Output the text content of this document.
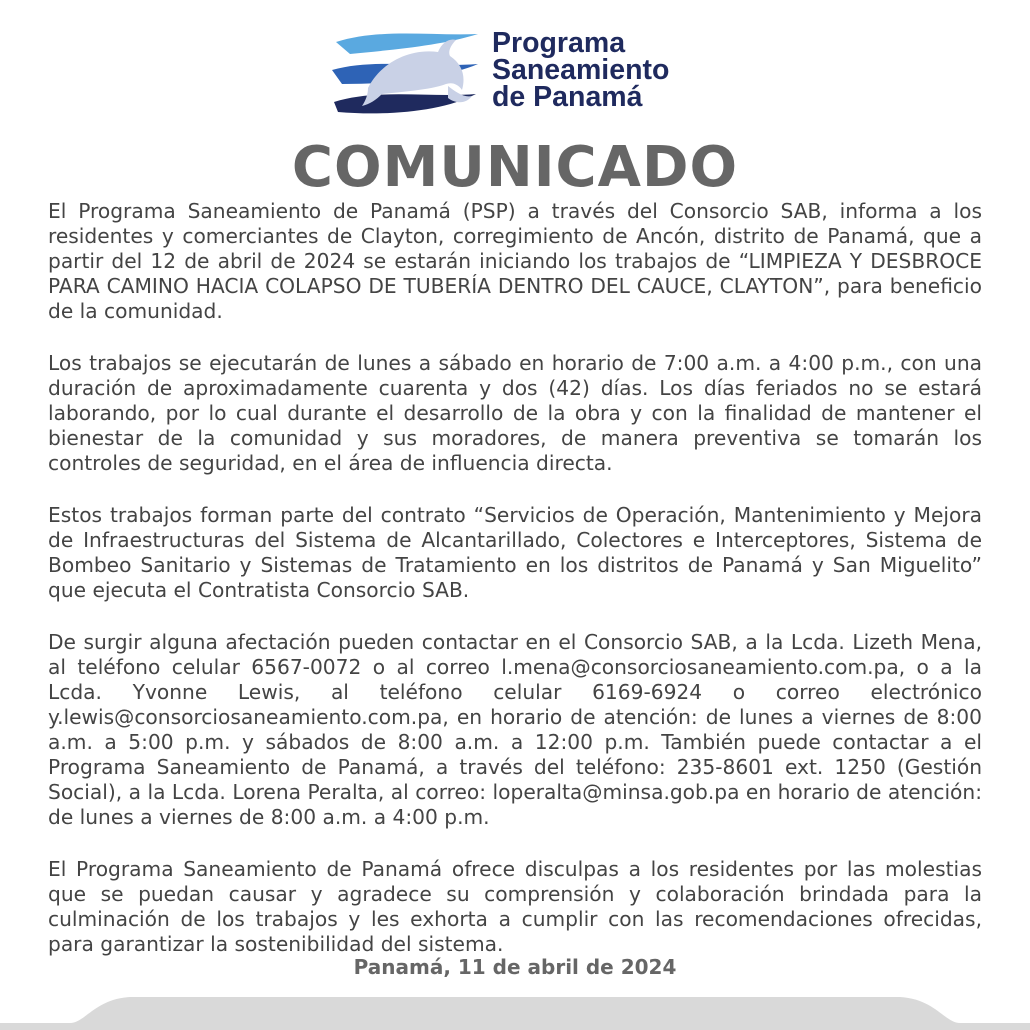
Programa
Saneamiento
de Panamá
COMUNICADO

El Programa Saneamiento de Panamá (PSP) a través del Consorcio SAB, informa a los residentes y comerciantes de Clayton, corregimiento de Ancón, distrito de Panamá, que a partir del 12 de abril de 2024 se estarán iniciando los trabajos de “LIMPIEZA Y DESBROCE PARA CAMINO HACIA COLAPSO DE TUBERÍA DENTRO DEL CAUCE, CLAYTON”, para beneficio de la comunidad.

Los trabajos se ejecutarán de lunes a sábado en horario de 7:00 a.m. a 4:00 p.m., con una duración de aproximadamente cuarenta y dos (42) días. Los días feriados no se estará laborando, por lo cual durante el desarrollo de la obra y con la finalidad de mantener el bienestar de la comunidad y sus moradores, de manera preventiva se tomarán los controles de seguridad, en el área de influencia directa.

Estos trabajos forman parte del contrato “Servicios de Operación, Mantenimiento y Mejora de Infraestructuras del Sistema de Alcantarillado, Colectores e Interceptores, Sistema de Bombeo Sanitario y Sistemas de Tratamiento en los distritos de Panamá y San Miguelito” que ejecuta el Contratista Consorcio SAB.

De surgir alguna afectación pueden contactar en el Consorcio SAB, a la Lcda. Lizeth Mena, al teléfono celular 6567-0072 o al correo l.mena@consorciosaneamiento.com.pa, o a la Lcda. Yvonne Lewis, al teléfono celular 6169-6924 o correo electrónico y.lewis@consorciosaneamiento.com.pa, en horario de atención: de lunes a viernes de 8:00 a.m. a 5:00 p.m. y sábados de 8:00 a.m. a 12:00 p.m. También puede contactar a el Programa Saneamiento de Panamá, a través del teléfono: 235-8601 ext. 1250 (Gestión Social), a la Lcda. Lorena Peralta, al correo: loperalta@minsa.gob.pa en horario de atención: de lunes a viernes de 8:00 a.m. a 4:00 p.m.

El Programa Saneamiento de Panamá ofrece disculpas a los residentes por las molestias que se puedan causar y agradece su comprensión y colaboración brindada para la culminación de los trabajos y les exhorta a cumplir con las recomendaciones ofrecidas, para garantizar la sostenibilidad del sistema.

Panamá, 11 de abril de 2024
